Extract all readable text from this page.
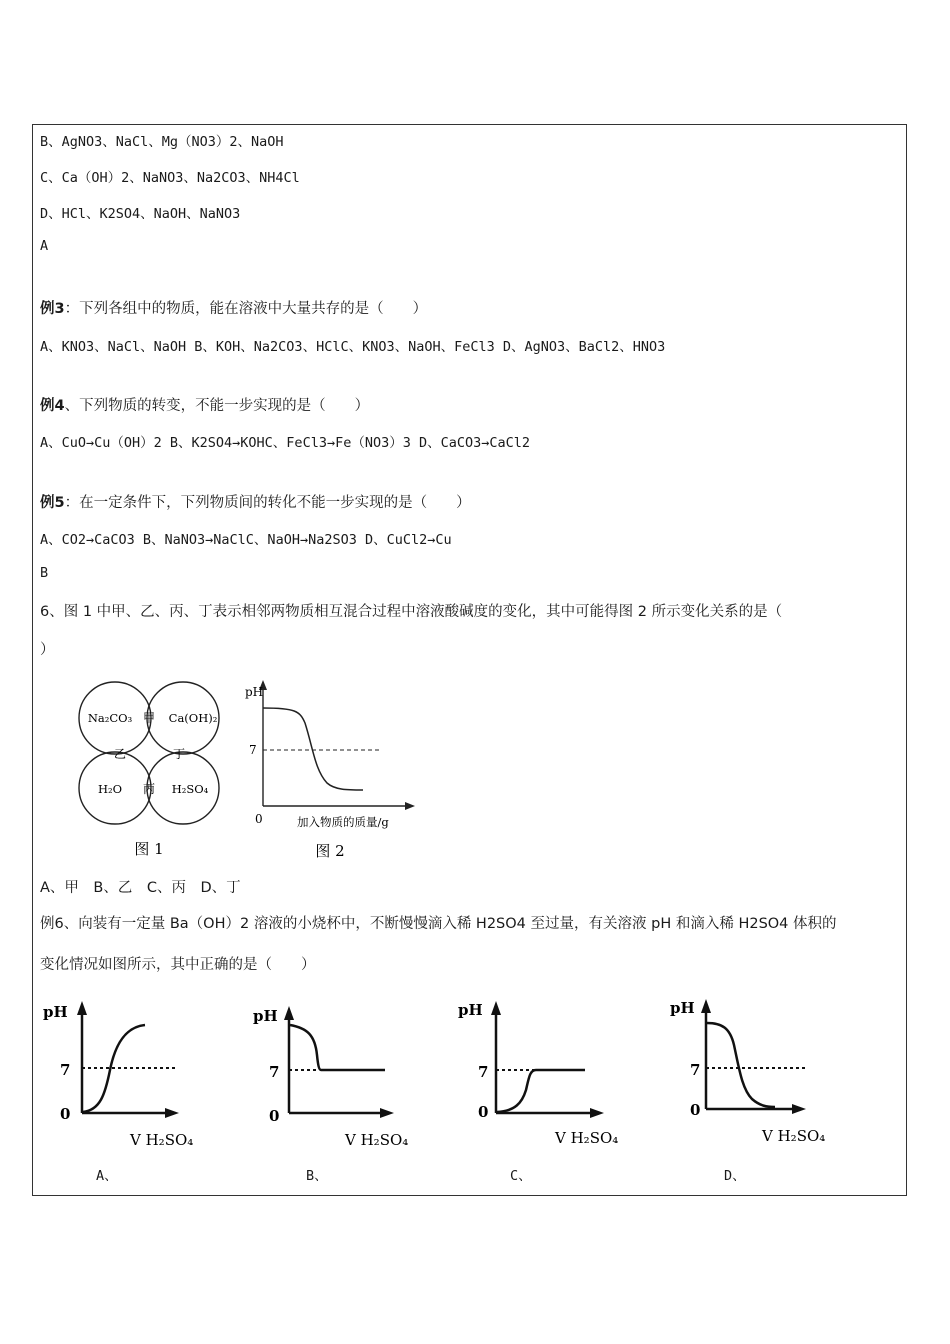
B、AgNO3、NaCl、Mg（NO3）2、NaOH
C、Ca（OH）2、NaNO3、Na2CO3、NH4Cl
D、HCl、K2SO4、NaOH、NaNO3
A
例3：下列各组中的物质，能在溶液中大量共存的是（　　）
A、KNO3、NaCl、NaOH B、KOH、Na2CO3、HClC、KNO3、NaOH、FeCl3 D、AgNO3、BaCl2、HNO3
例4、下列物质的转变，不能一步实现的是（　　）
A、CuO→Cu（OH）2 B、K2SO4→KOHC、FeCl3→Fe（NO3）3 D、CaCO3→CaCl2
例5：在一定条件下，下列物质间的转化不能一步实现的是（　　）
A、CO2→CaCO3 B、NaNO3→NaClC、NaOH→Na2SO3 D、CuCl2→Cu
B
6、图 1 中甲、乙、丙、丁表示相邻两物质相互混合过程中溶液酸碱度的变化，其中可能得图 2 所示变化关系的是（
）
Na₂CO₃	Ca(OH)₂
H₂O	H₂SO₄
甲
乙
丙
丁
图 1
pH
7
0	加入物质的质量/g
图 2
A、甲　B、乙　C、丙　D、丁
例6、向装有一定量 Ba（OH）2 溶液的小烧杯中，不断慢慢滴入稀 H2SO4 至过量，有关溶液 pH 和滴入稀 H2SO4 体积的
变化情况如图所示，其中正确的是（　　）
pH
7
0
V H₂SO₄
A、
pH
7
0
V H₂SO₄
B、
pH
7
0
V H₂SO₄
C、
pH
7
0
V H₂SO₄
D、
